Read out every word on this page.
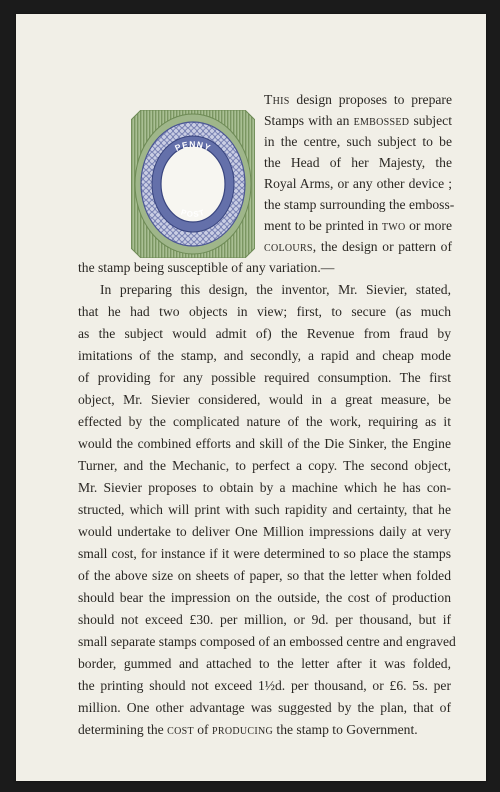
PENNY
POST
This design proposes to prepare
Stamps with an embossed subject
in the centre, such subject to be
the Head of her Majesty, the
Royal Arms, or any other device ;
the stamp surrounding the emboss-
ment to be printed in two or more
colours, the design or pattern of
the stamp being susceptible of any variation.—
In preparing this design, the inventor, Mr. Sievier, stated,
that he had two objects in view; first, to secure (as much
as the subject would admit of) the Revenue from fraud by
imitations of the stamp, and secondly, a rapid and cheap mode
of providing for any possible required consumption. The first
object, Mr. Sievier considered, would in a great measure, be
effected by the complicated nature of the work, requiring as it
would the combined efforts and skill of the Die Sinker, the Engine
Turner, and the Mechanic, to perfect a copy. The second object,
Mr. Sievier proposes to obtain by a machine which he has con-
structed, which will print with such rapidity and certainty, that he
would undertake to deliver One Million impressions daily at very
small cost, for instance if it were determined to so place the stamps
of the above size on sheets of paper, so that the letter when folded
should bear the impression on the outside, the cost of production
should not exceed £30. per million, or 9d. per thousand, but if
small separate stamps composed of an embossed centre and engraved
border, gummed and attached to the letter after it was folded,
the printing should not exceed 1½d. per thousand, or £6. 5s. per
million. One other advantage was suggested by the plan, that of
determining the cost of producing the stamp to Government.
